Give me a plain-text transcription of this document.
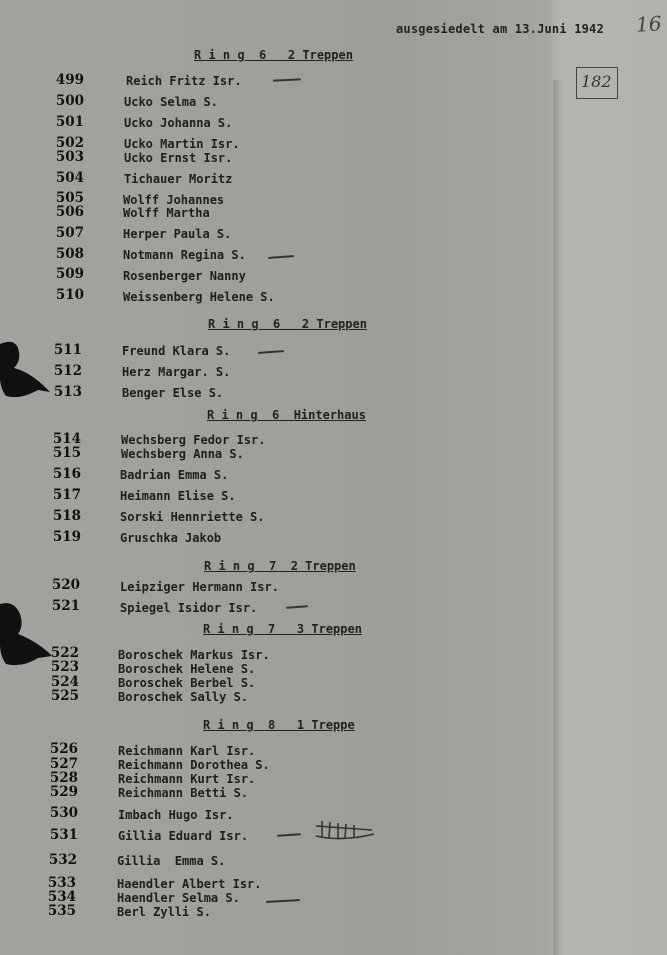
ausgesiedelt am 13.Juni 1942 16
182
R i n g  6   2 Treppen
499	Reich Fritz Isr.
500	Ucko Selma S.
501	Ucko Johanna S.
502	Ucko Martin Isr.
503	Ucko Ernst Isr.
504	Tichauer Moritz
505	Wolff Johannes
506	Wolff Martha
507	Herper Paula S.
508	Notmann Regina S.
509	Rosenberger Nanny
510	Weissenberg Helene S.
R i n g  6   2 Treppen
511	Freund Klara S.
512	Herz Margar. S.
513	Benger Else S.
R i n g  6  Hinterhaus
514	Wechsberg Fedor Isr.
515	Wechsberg Anna S.
516	Badrian Emma S.
517	Heimann Elise S.
518	Sorski Hennriette S.
519	Gruschka Jakob
R i n g  7  2 Treppen
520	Leipziger Hermann Isr.
521	Spiegel Isidor Isr.
R i n g  7   3 Treppen
522	Boroschek Markus Isr.
523	Boroschek Helene S.
524	Boroschek Berbel S.
525	Boroschek Sally S.
R i n g  8   1 Treppe
526	Reichmann Karl Isr.
527	Reichmann Dorothea S.
528	Reichmann Kurt Isr.
529	Reichmann Betti S.
530	Imbach Hugo Isr.
531	Gillia Eduard Isr.
532	Gillia  Emma S.
533	Haendler Albert Isr.
534	Haendler Selma S.
535	Berl Zylli S.
